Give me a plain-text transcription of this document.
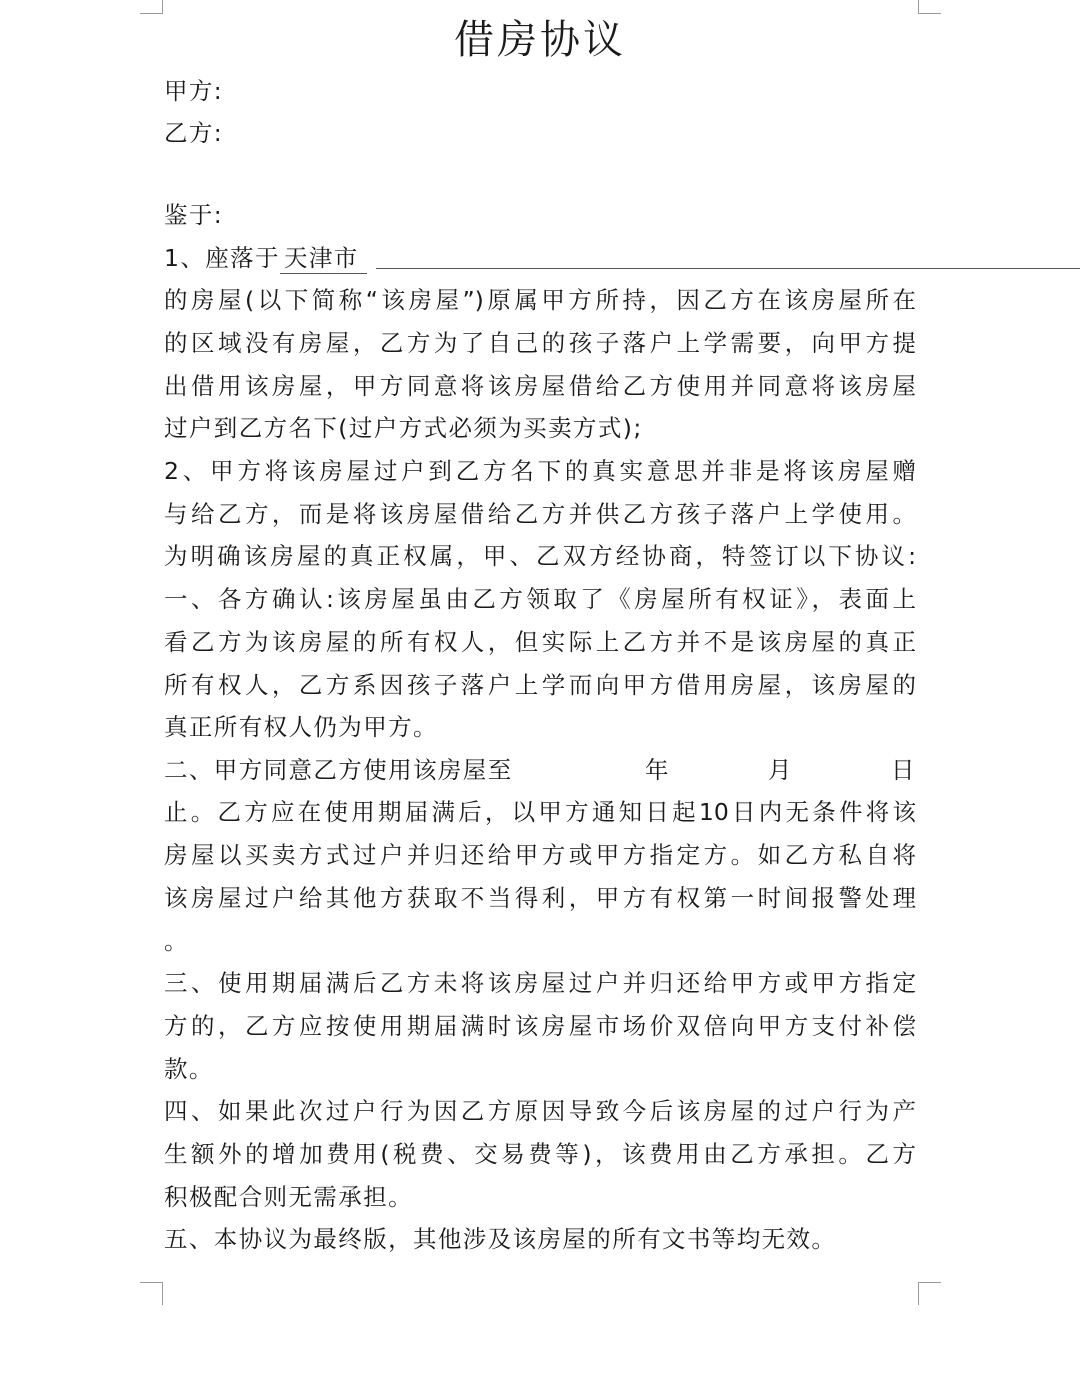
借房协议
甲方:
乙方:
鉴于:
1、座落于 天津市
的房屋(以下简称“该房屋”)原属甲方所持，因乙方在该房屋所在
的区域没有房屋，乙方为了自己的孩子落户上学需要，向甲方提
出借用该房屋，甲方同意将该房屋借给乙方使用并同意将该房屋
过户到乙方名下(过户方式必须为买卖方式);
2、甲方将该房屋过户到乙方名下的真实意思并非是将该房屋赠
与给乙方，而是将该房屋借给乙方并供乙方孩子落户上学使用。
为明确该房屋的真正权属，甲、乙双方经协商，特签订以下协议:
一、各方确认:该房屋虽由乙方领取了《房屋所有权证》，表面上
看乙方为该房屋的所有权人，但实际上乙方并不是该房屋的真正
所有权人，乙方系因孩子落户上学而向甲方借用房屋，该房屋的
真正所有权人仍为甲方。
二、甲方同意乙方使用该房屋至	年	月	日
止。乙方应在使用期届满后，以甲方通知日起10日内无条件将该
房屋以买卖方式过户并归还给甲方或甲方指定方。如乙方私自将
该房屋过户给其他方获取不当得利，甲方有权第一时间报警处理
。
三、使用期届满后乙方未将该房屋过户并归还给甲方或甲方指定
方的，乙方应按使用期届满时该房屋市场价双倍向甲方支付补偿
款。
四、如果此次过户行为因乙方原因导致今后该房屋的过户行为产
生额外的增加费用(税费、交易费等)，该费用由乙方承担。乙方
积极配合则无需承担。
五、本协议为最终版，其他涉及该房屋的所有文书等均无效。
